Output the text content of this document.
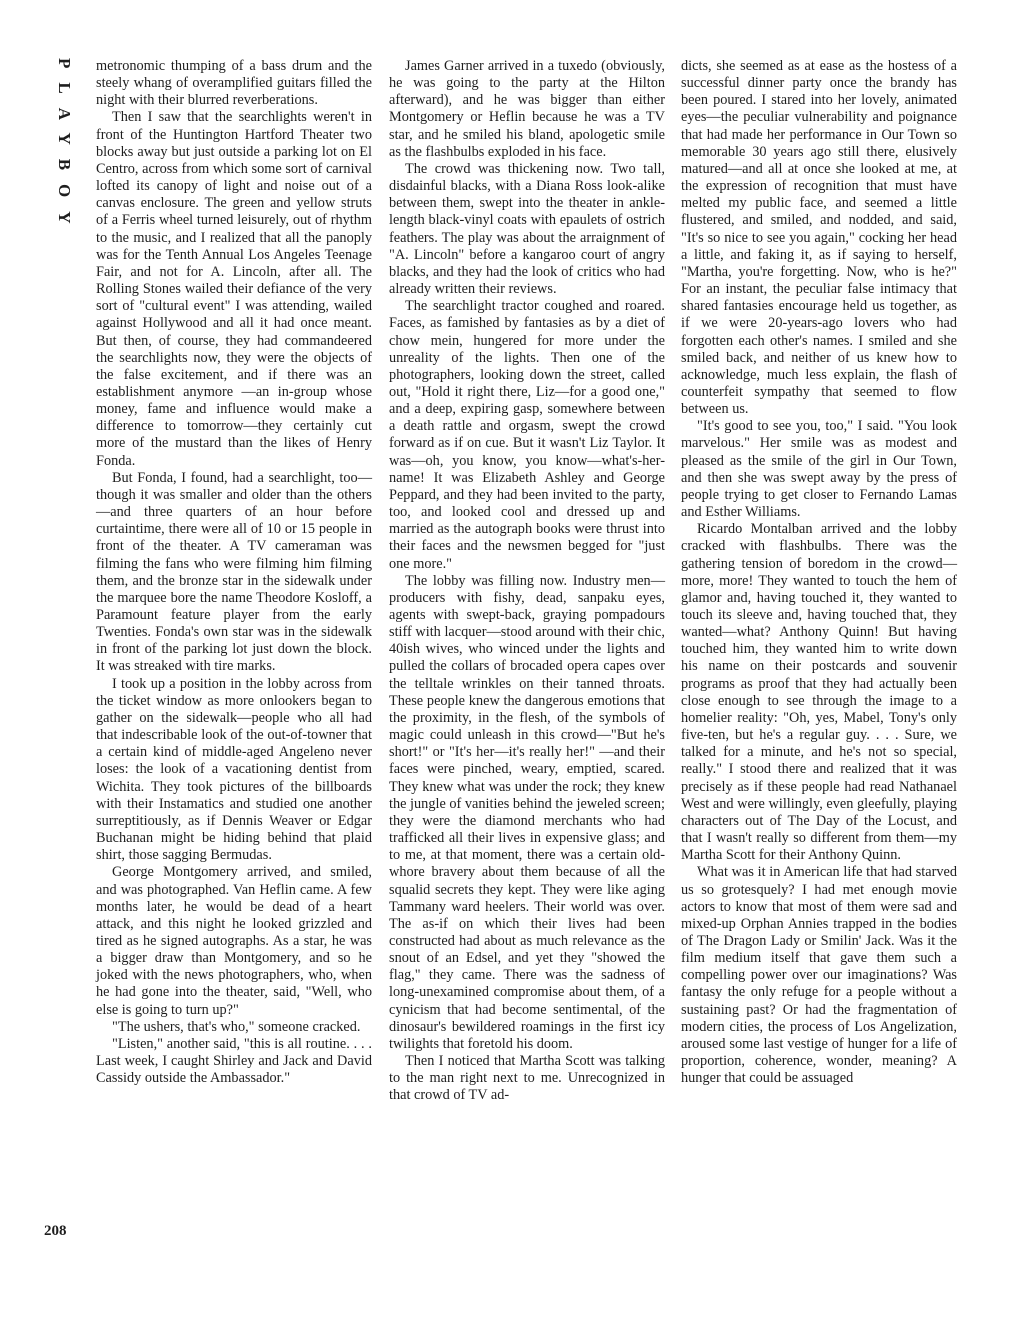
PLAYBOY metronomic thumping of a bass drum and the steely whang of overamplified guitars filled the night with their blurred reverberations.

Then I saw that the searchlights weren't in front of the Huntington Hartford Theater two blocks away but just outside a parking lot on El Centro, across from which some sort of carnival lofted its canopy of light and noise out of a canvas enclosure. The green and yellow struts of a Ferris wheel turned leisurely, out of rhythm to the music, and I realized that all the panoply was for the Tenth Annual Los Angeles Teenage Fair, and not for A. Lincoln, after all. The Rolling Stones wailed their defiance of the very sort of "cultural event" I was attending, wailed against Hollywood and all it had once meant. But then, of course, they had commandeered the searchlights now, they were the objects of the false excitement, and if there was an establishment anymore —an in-group whose money, fame and influence would make a difference to tomorrow—they certainly cut more of the mustard than the likes of Henry Fonda.

But Fonda, I found, had a searchlight, too—though it was smaller and older than the others—and three quarters of an hour before curtaintime, there were all of 10 or 15 people in front of the theater. A TV cameraman was filming the fans who were filming him filming them, and the bronze star in the sidewalk under the marquee bore the name Theodore Kosloff, a Paramount feature player from the early Twenties. Fonda's own star was in the sidewalk in front of the parking lot just down the block. It was streaked with tire marks.

I took up a position in the lobby across from the ticket window as more onlookers began to gather on the sidewalk—people who all had that indescribable look of the out-of-towner that a certain kind of middle-aged Angeleno never loses: the look of a vacationing dentist from Wichita. They took pictures of the billboards with their Instamatics and studied one another surreptitiously, as if Dennis Weaver or Edgar Buchanan might be hiding behind that plaid shirt, those sagging Bermudas.

George Montgomery arrived, and smiled, and was photographed. Van Heflin came. A few months later, he would be dead of a heart attack, and this night he looked grizzled and tired as he signed autographs. As a star, he was a bigger draw than Montgomery, and so he joked with the news photographers, who, when he had gone into the theater, said, "Well, who else is going to turn up?"

"The ushers, that's who," someone cracked.

"Listen," another said, "this is all routine. . . . Last week, I caught Shirley and Jack and David Cassidy outside the Ambassador."

James Garner arrived in a tuxedo (obviously, he was going to the party at the Hilton afterward), and he was bigger than either Montgomery or Heflin because he was a TV star, and he smiled his bland, apologetic smile as the flashbulbs exploded in his face.

The crowd was thickening now. Two tall, disdainful blacks, with a Diana Ross look-alike between them, swept into the theater in ankle-length black-vinyl coats with epaulets of ostrich feathers. The play was about the arraignment of "A. Lincoln" before a kangaroo court of angry blacks, and they had the look of critics who had already written their reviews.

The searchlight tractor coughed and roared. Faces, as famished by fantasies as by a diet of chow mein, hungered for more under the unreality of the lights. Then one of the photographers, looking down the street, called out, "Hold it right there, Liz—for a good one," and a deep, expiring gasp, somewhere between a death rattle and orgasm, swept the crowd forward as if on cue. But it wasn't Liz Taylor. It was—oh, you know, you know—what's-her-name! It was Elizabeth Ashley and George Peppard, and they had been invited to the party, too, and looked cool and dressed up and married as the autograph books were thrust into their faces and the newsmen begged for "just one more."

The lobby was filling now. Industry men—producers with fishy, dead, sanpaku eyes, agents with swept-back, graying pompadours stiff with lacquer—stood around with their chic, 40ish wives, who winced under the lights and pulled the collars of brocaded opera capes over the telltale wrinkles on their tanned throats. These people knew the dangerous emotions that the proximity, in the flesh, of the symbols of magic could unleash in this crowd—"But he's short!" or "It's her—it's really her!" —and their faces were pinched, weary, emptied, scared. They knew what was under the rock; they knew the jungle of vanities behind the jeweled screen; they were the diamond merchants who had trafficked all their lives in expensive glass; and to me, at that moment, there was a certain old-whore bravery about them because of all the squalid secrets they kept. They were like aging Tammany ward heelers. Their world was over. The as-if on which their lives had been constructed had about as much relevance as the snout of an Edsel, and yet they "showed the flag," they came. There was the sadness of long-unexamined compromise about them, of a cynicism that had become sentimental, of the dinosaur's bewildered roamings in the first icy twilights that foretold his doom.

Then I noticed that Martha Scott was talking to the man right next to me. Unrecognized in that crowd of TV ad-

dicts, she seemed as at ease as the hostess of a successful dinner party once the brandy has been poured. I stared into her lovely, animated eyes—the peculiar vulnerability and poignance that had made her performance in Our Town so memorable 30 years ago still there, elusively matured—and all at once she looked at me, at the expression of recognition that must have melted my public face, and seemed a little flustered, and smiled, and nodded, and said, "It's so nice to see you again," cocking her head a little, and faking it, as if saying to herself, "Martha, you're forgetting. Now, who is he?" For an instant, the peculiar false intimacy that shared fantasies encourage held us together, as if we were 20-years-ago lovers who had forgotten each other's names. I smiled and she smiled back, and neither of us knew how to acknowledge, much less explain, the flash of counterfeit sympathy that seemed to flow between us.

"It's good to see you, too," I said. "You look marvelous." Her smile was as modest and pleased as the smile of the girl in Our Town, and then she was swept away by the press of people trying to get closer to Fernando Lamas and Esther Williams.

Ricardo Montalban arrived and the lobby cracked with flashbulbs. There was the gathering tension of boredom in the crowd—more, more! They wanted to touch the hem of glamor and, having touched it, they wanted to touch its sleeve and, having touched that, they wanted—what? Anthony Quinn! But having touched him, they wanted him to write down his name on their postcards and souvenir programs as proof that they had actually been close enough to see through the image to a homelier reality: "Oh, yes, Mabel, Tony's only five-ten, but he's a regular guy. . . . Sure, we talked for a minute, and he's not so special, really." I stood there and realized that it was precisely as if these people had read Nathanael West and were willingly, even gleefully, playing characters out of The Day of the Locust, and that I wasn't really so different from them—my Martha Scott for their Anthony Quinn.

What was it in American life that had starved us so grotesquely? I had met enough movie actors to know that most of them were sad and mixed-up Orphan Annies trapped in the bodies of The Dragon Lady or Smilin' Jack. Was it the film medium itself that gave them such a compelling power over our imaginations? Was fantasy the only refuge for a people without a sustaining past? Or had the fragmentation of modern cities, the process of Los Angelization, aroused some last vestige of hunger for a life of proportion, coherence, wonder, meaning? A hunger that could be assuaged

208
